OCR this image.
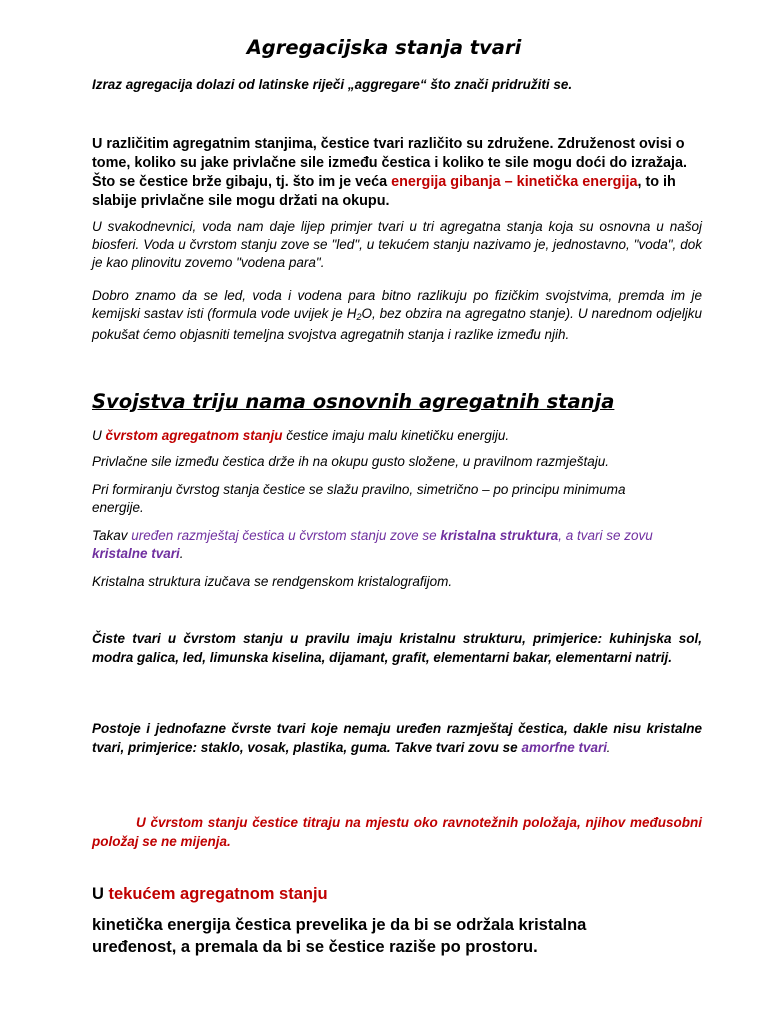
Agregacijska stanja tvari

Izraz agregacija dolazi od latinske riječi „aggregare“ što znači pridružiti se.

U različitim agregatnim stanjima, čestice tvari različito su združene. Združenost ovisi o tome, koliko su jake privlačne sile između čestica i koliko te sile mogu doći do izražaja. Što se čestice brže gibaju, tj. što im je veća energija gibanja – kinetička energija, to ih slabije privlačne sile mogu držati na okupu.

U svakodnevnici, voda nam daje lijep primjer tvari u tri agregatna stanja koja su osnovna u našoj biosferi. Voda u čvrstom stanju zove se "led", u tekućem stanju nazivamo je, jednostavno, "voda", dok je kao plinovitu zovemo "vodena para".

Dobro znamo da se led, voda i vodena para bitno razlikuju po fizičkim svojstvima, premda im je kemijski sastav isti (formula vode uvijek je $H_2O$, bez obzira na agregatno stanje). U narednom odjeljku pokušat ćemo objasniti temeljna svojstva agregatnih stanja i razlike između njih.

Svojstva triju nama osnovnih agregatnih stanja

U čvrstom agregatnom stanju čestice imaju malu kinetičku energiju.

Privlačne sile između čestica drže ih na okupu gusto složene, u pravilnom razmještaju.

Pri formiranju čvrstog stanja čestice se slažu pravilno, simetrično – po principu minimuma energije.

Takav uređen razmještaj čestica u čvrstom stanju zove se kristalna struktura, a tvari se zovu kristalne tvari.

Kristalna struktura izučava se rendgenskom kristalografijom.

Čiste tvari u čvrstom stanju u pravilu imaju kristalnu strukturu, primjerice: kuhinjska sol, modra galica, led, limunska kiselina, dijamant, grafit, elementarni bakar, elementarni natrij.

Postoje i jednofazne čvrste tvari koje nemaju uređen razmještaj čestica, dakle nisu kristalne tvari, primjerice: staklo, vosak, plastika, guma. Takve tvari zovu se amorfne tvari.

U čvrstom stanju čestice titraju na mjestu oko ravnotežnih položaja, njihov međusobni položaj se ne mijenja.

U tekućem agregatnom stanju

kinetička energija čestica prevelika je da bi se održala kristalna uređenost, a premala da bi se čestice raziše po prostoru.
